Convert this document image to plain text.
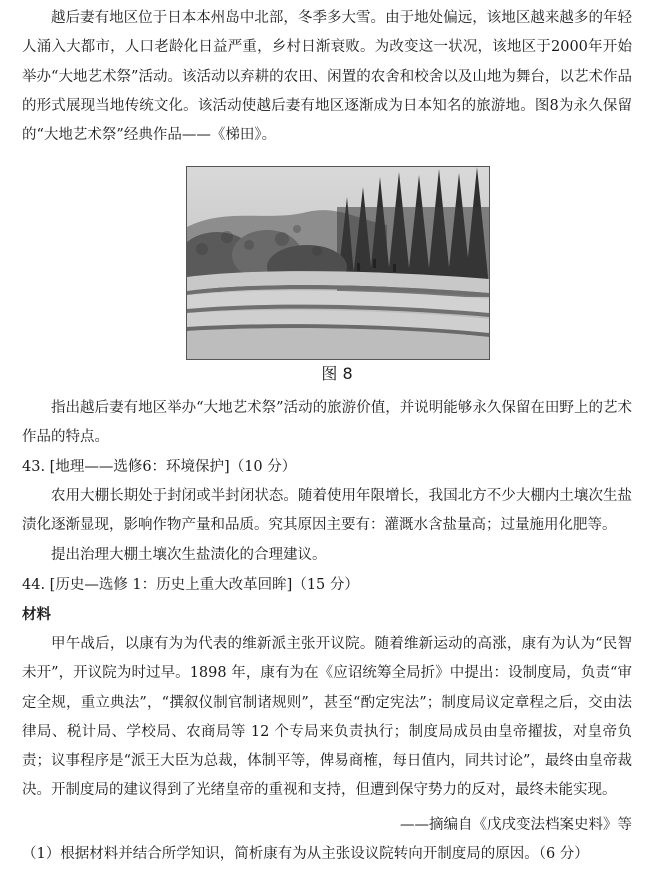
越后妻有地区位于日本本州岛中北部，冬季多大雪。由于地处偏远，该地区越来越多的年轻人涌入大都市，人口老龄化日益严重，乡村日渐衰败。为改变这一状况，该地区于2000年开始举办“大地艺术祭”活动。该活动以弃耕的农田、闲置的农舍和校舍以及山地为舞台，以艺术作品的形式展现当地传统文化。该活动使越后妻有地区逐渐成为日本知名的旅游地。图8为永久保留的“大地艺术祭”经典作品——《梯田》。

图 8

指出越后妻有地区举办“大地艺术祭”活动的旅游价值，并说明能够永久保留在田野上的艺术作品的特点。

43. [地理——选修6：环境保护]（10 分）

农用大棚长期处于封闭或半封闭状态。随着使用年限增长，我国北方不少大棚内土壤次生盐渍化逐渐显现，影响作物产量和品质。究其原因主要有：灌溉水含盐量高；过量施用化肥等。

提出治理大棚土壤次生盐渍化的合理建议。

44. [历史—选修 1：历史上重大改革回眸]（15 分）

材料

甲午战后，以康有为为代表的维新派主张开议院。随着维新运动的高涨，康有为认为“民智未开”，开议院为时过早。1898 年，康有为在《应诏统筹全局折》中提出：设制度局，负责“审定全规，重立典法”，“撰叙仪制官制诸规则”，甚至“酌定宪法”；制度局议定章程之后，交由法律局、税计局、学校局、农商局等 12 个专局来负责执行；制度局成员由皇帝擢拔，对皇帝负责；议事程序是“派王大臣为总裁，体制平等，俾易商榷，每日值内，同共讨论”，最终由皇帝裁决。开制度局的建议得到了光绪皇帝的重视和支持，但遭到保守势力的反对，最终未能实现。

——摘编自《戊戌变法档案史料》等

（1）根据材料并结合所学知识，简析康有为从主张设议院转向开制度局的原因。（6 分）
